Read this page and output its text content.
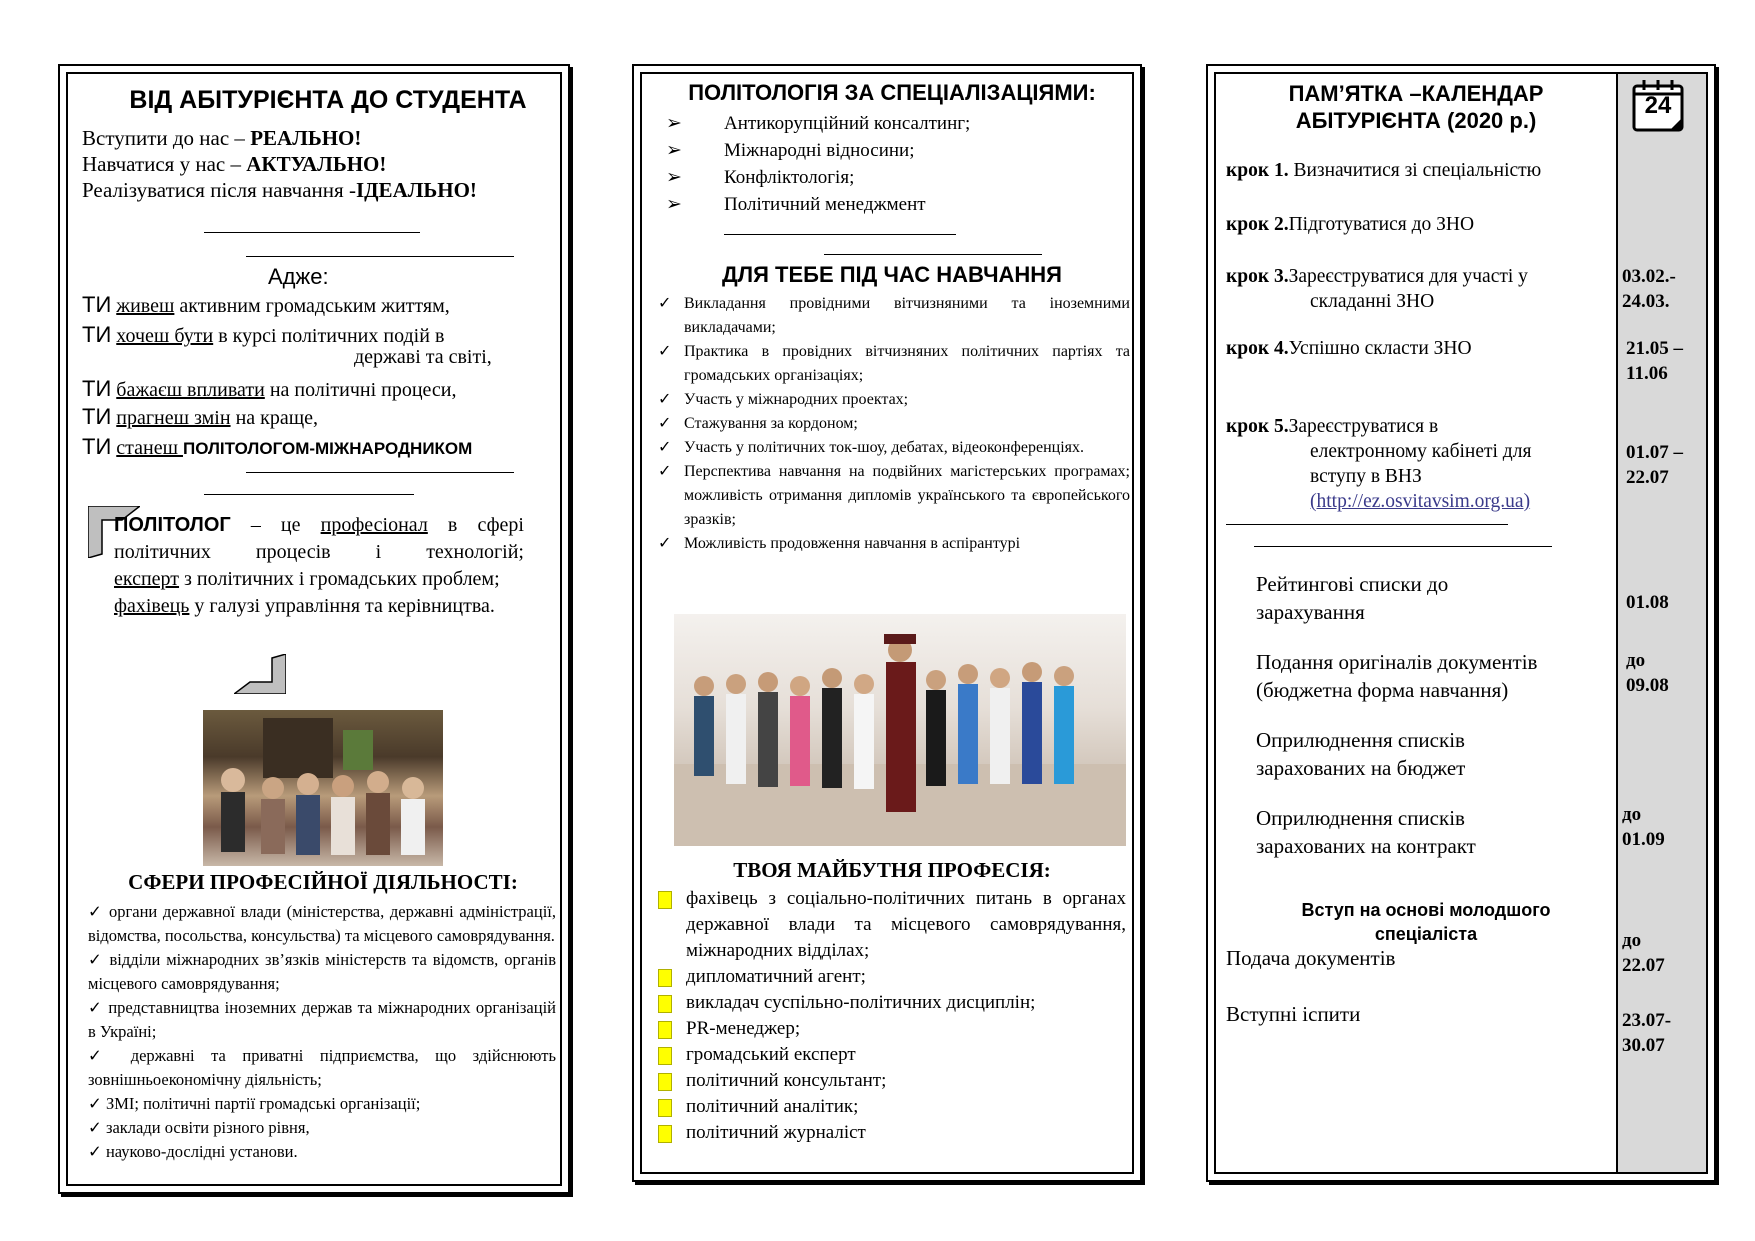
ВІД АБІТУРІЄНТА ДО СТУДЕНТА
Вступити до нас – РЕАЛЬНО!
Навчатися у нас – АКТУАЛЬНО!
Реалізуватися після навчання -ІДЕАЛЬНО!
Адже:
ТИ живеш активним громадським життям,
ТИ хочеш бути в курсі політичних подій в
державі та світі,
ТИ бажаєш впливати на політичні процеси,
ТИ прагнеш змін на краще,
ТИ станеш ПОЛІТОЛОГОМ-МІЖНАРОДНИКОМ
ПОЛІТОЛОГ – це професіонал в сфері політичних процесів і технологій;
експерт з політичних і громадських проблем;
фахівець у галузі управління та керівництва.
СФЕРИ ПРОФЕСІЙНОЇ ДІЯЛЬНОСТІ:
✓ органи державної влади (міністерства, державні адміністрації, відомства, посольства, консульства) та місцевого самоврядування.
✓ відділи міжнародних зв’язків міністерств та відомств, органів місцевого самоврядування;
✓ представництва іноземних держав та міжнародних організацій в Україні;
✓ державні та приватні підприємства, що здійснюють зовнішньоекономічну діяльність;
✓ ЗМІ; політичні партії громадські організації;
✓ заклади освіти різного рівня,
✓ науково-дослідні установи.
ПОЛІТОЛОГІЯ ЗА СПЕЦІАЛІЗАЦІЯМИ:
➢ Антикорупційний консалтинг;
➢ Міжнародні відносини;
➢ Конфліктологія;
➢ Політичний менеджмент
ДЛЯ ТЕБЕ ПІД ЧАС НАВЧАННЯ
✓ Викладання провідними вітчизняними та іноземними викладачами;
✓ Практика в провідних вітчизняних політичних партіях та громадських організаціях;
✓ Участь у міжнародних проектах;
✓ Стажування за кордоном;
✓ Участь у політичних ток-шоу, дебатах, відеоконференціях.
✓ Перспектива навчання на подвійних магістерських програмах; можливість отримання дипломів українського та європейського зразків;
✓ Можливість продовження навчання в аспірантурі
ТВОЯ МАЙБУТНЯ ПРОФЕСІЯ:
фахівець з соціально-політичних питань в органах державної влади та місцевого самоврядування, міжнародних відділах;
дипломатичний агент;
викладач суспільно-політичних дисциплін;
PR-менеджер;
громадський експерт
політичний консультант;
політичний аналітик;
політичний журналіст
24
ПАМ’ЯТКА –КАЛЕНДАР
АБІТУРІЄНТА (2020 р.)
крок 1. Визначитися зі спеціальністю
крок 2.Підготуватися до ЗНО
крок 3.Зареєструватися для участі у
складанні ЗНО
крок 4.Успішно скласти ЗНО
крок 5.Зареєструватися в
електронному кабінеті для
вступу в ВНЗ
(http://ez.osvitavsim.org.ua)
03.02.-
24.03.
21.05 –
11.06
01.07 –
22.07
Рейтингові списки до
зарахування	01.08
Подання оригіналів документів
(бюджетна форма навчання)
до
09.08
Оприлюднення списків
зарахованих на бюджет
Оприлюднення списків
зарахованих на контракт
до
01.09
Вступ на основі молодшого
спеціаліста
Подача документів
до
22.07
Вступні іспити	23.07-
30.07
